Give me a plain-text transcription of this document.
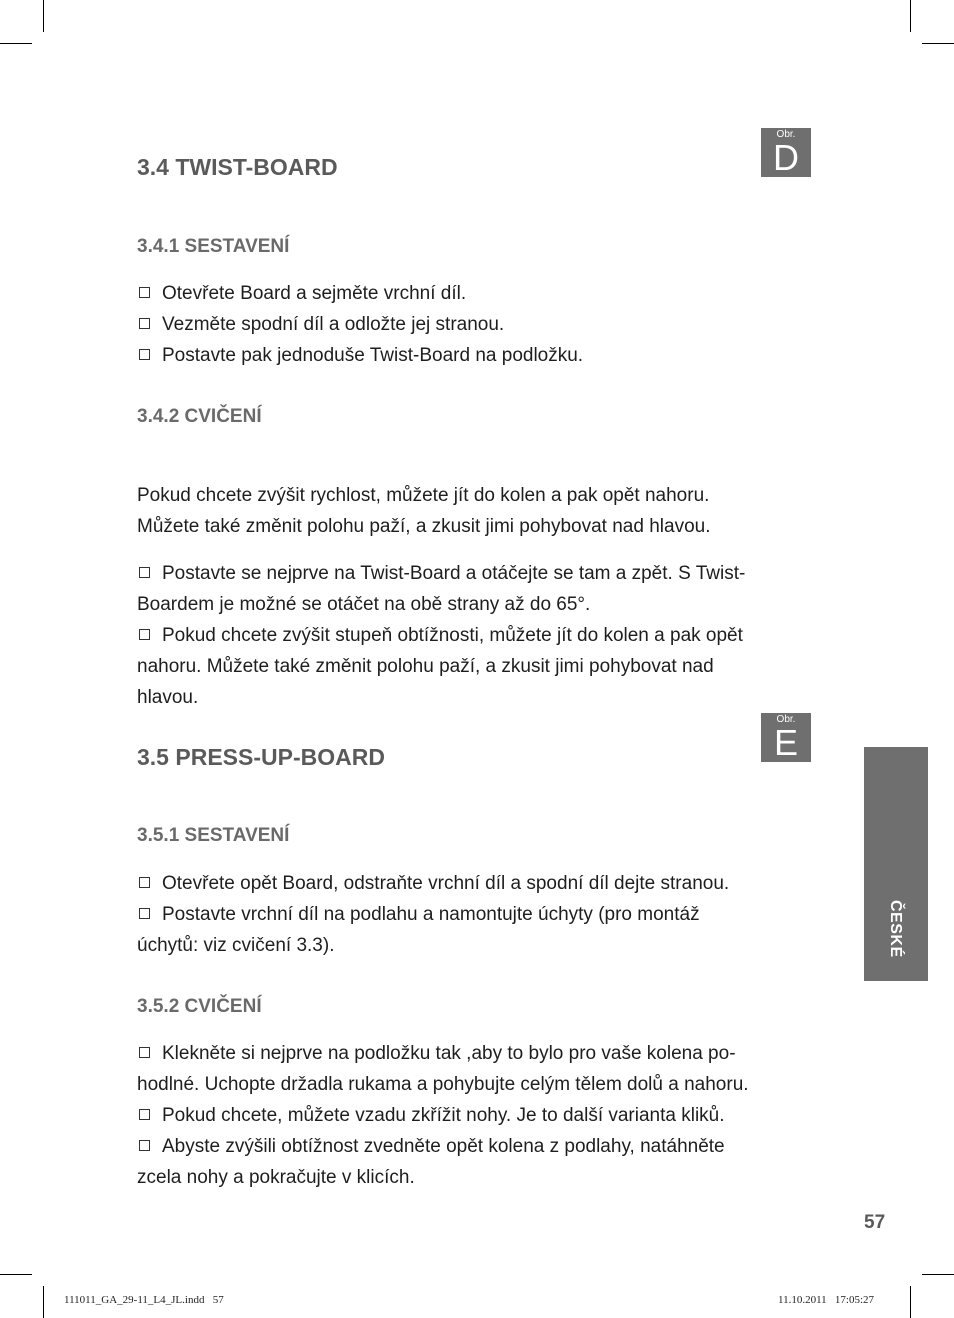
Obr.
D
3.4 TWIST-BOARD
3.4.1 SESTAVENÍ

Otevřete Board a sejměte vrchní díl.

Vezměte spodní díl a odložte jej stranou.

Postavte pak jednoduše Twist-Board na podložku.

3.4.2 CVIČENÍ

Pokud chcete zvýšit rychlost, můžete jít do kolen a pak opět nahoru.

Můžete také změnit polohu paží, a zkusit jimi pohybovat nad hlavou.

Postavte se nejprve na Twist-Board a otáčejte se tam a zpět. S Twist-

Boardem je možné se otáčet na obě strany až do 65°.

Pokud chcete zvýšit stupeň obtížnosti, můžete jít do kolen a pak opět

nahoru. Můžete také změnit polohu paží, a zkusit jimi pohybovat nad

hlavou.

Obr.
E
3.5 PRESS-UP-BOARD
3.5.1 SESTAVENÍ

Otevřete opět Board, odstraňte vrchní díl a spodní díl dejte stranou.

Postavte vrchní díl na podlahu a namontujte úchyty (pro montáž

úchytů: viz cvičení 3.3).

3.5.2 CVIČENÍ

Klekněte si nejprve na podložku tak ,aby to bylo pro vaše kolena po-

hodlné. Uchopte držadla rukama a pohybujte celým tělem dolů a nahoru.

Pokud chcete, můžete vzadu zkřížit nohy. Je to další varianta kliků.

Abyste zvýšili obtížnost zvedněte opět kolena z podlahy, natáhněte

zcela nohy a pokračujte v klicích.

ČESKÉ
57
111011_GA_29-11_L4_JL.indd   57	11.10.2011   17:05:27
